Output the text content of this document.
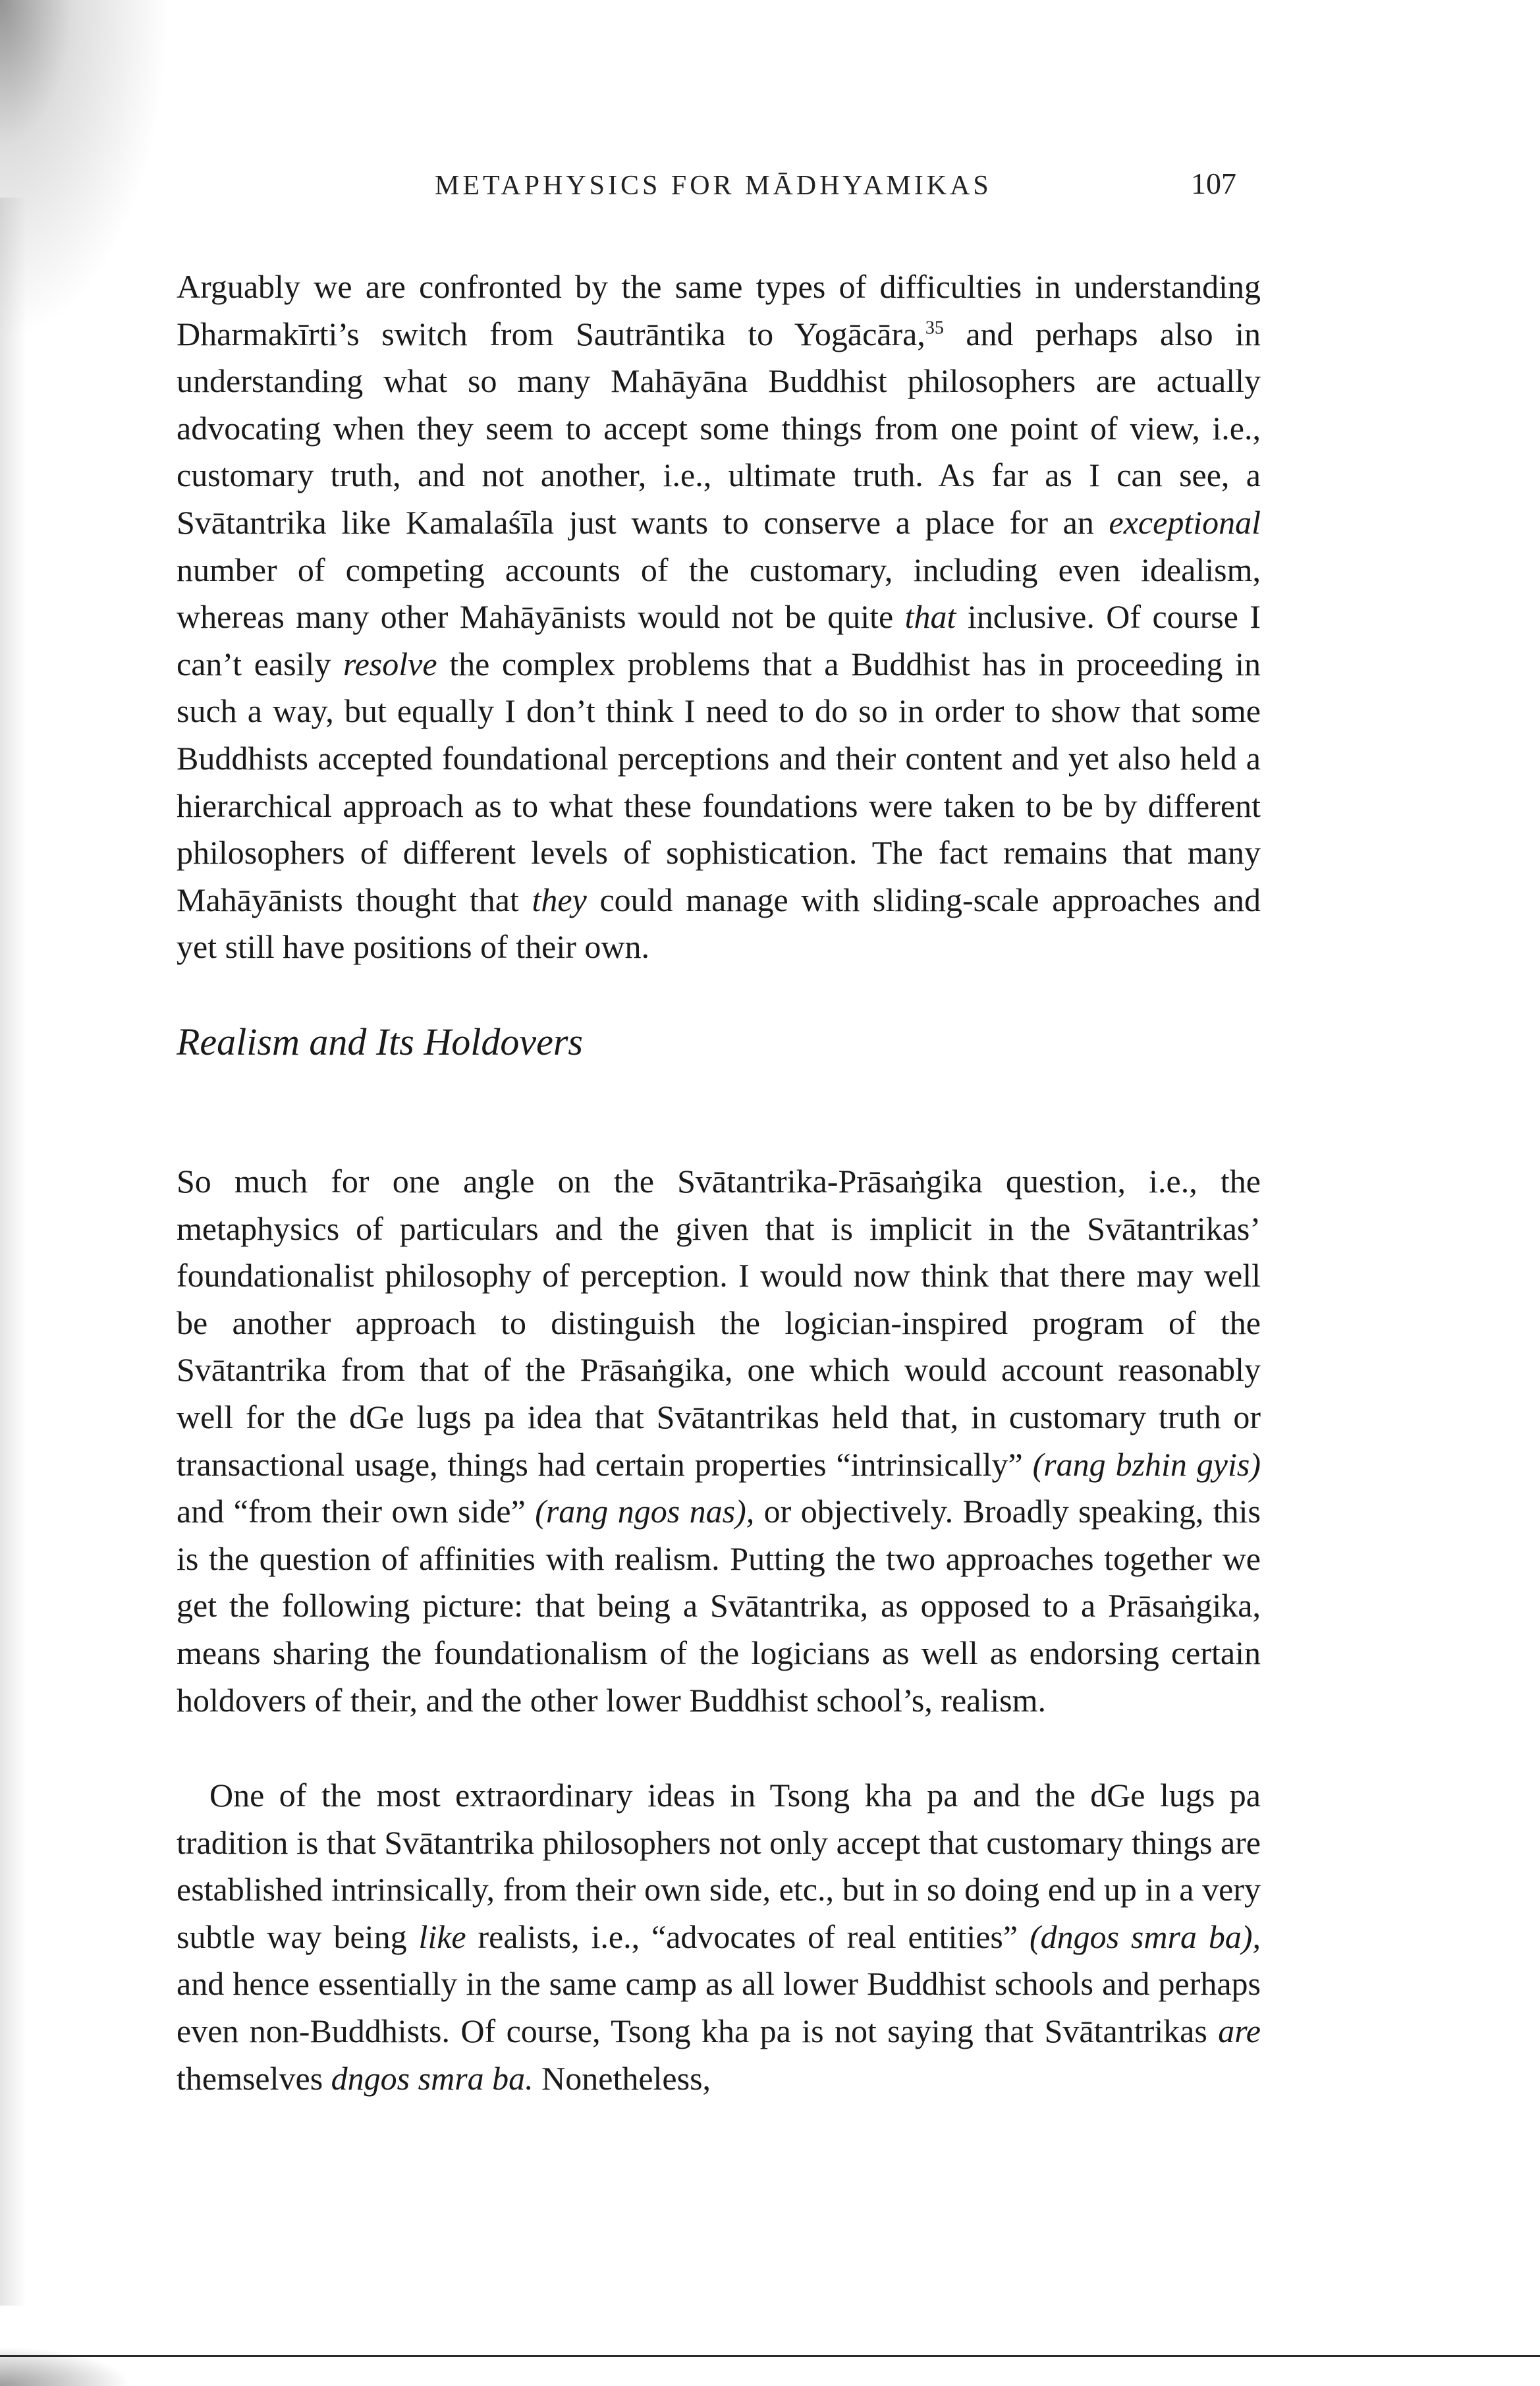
METAPHYSICS FOR MĀDHYAMIKAS	107

Arguably we are confronted by the same types of difficulties in understanding Dharmakīrti’s switch from Sautrāntika to Yogācāra,$^{35}$ and perhaps also in understanding what so many Mahāyāna Buddhist philosophers are actually advocating when they seem to accept some things from one point of view, i.e., customary truth, and not another, i.e., ultimate truth. As far as I can see, a Svātantrika like Kamalaśīla just wants to conserve a place for an exceptional number of competing accounts of the customary, including even idealism, whereas many other Mahāyānists would not be quite that inclusive. Of course I can’t easily resolve the complex problems that a Buddhist has in proceeding in such a way, but equally I don’t think I need to do so in order to show that some Buddhists accepted foundational perceptions and their content and yet also held a hierarchical approach as to what these foundations were taken to be by different philosophers of different levels of sophistication. The fact remains that many Mahāyānists thought that they could manage with sliding-scale approaches and yet still have positions of their own.

Realism and Its Holdovers

So much for one angle on the Svātantrika-Prāsaṅgika question, i.e., the metaphysics of particulars and the given that is implicit in the Svātantrikas’ foundationalist philosophy of perception. I would now think that there may well be another approach to distinguish the logician-inspired program of the Svātantrika from that of the Prāsaṅgika, one which would account reasonably well for the dGe lugs pa idea that Svātantrikas held that, in customary truth or transactional usage, things had certain properties “intrinsically” (rang bzhin gyis) and “from their own side” (rang ngos nas), or objectively. Broadly speaking, this is the question of affinities with realism. Putting the two approaches together we get the following picture: that being a Svātantrika, as opposed to a Prāsaṅgika, means sharing the foundationalism of the logicians as well as endorsing certain holdovers of their, and the other lower Buddhist school’s, realism.

One of the most extraordinary ideas in Tsong kha pa and the dGe lugs pa tradition is that Svātantrika philosophers not only accept that customary things are established intrinsically, from their own side, etc., but in so doing end up in a very subtle way being like realists, i.e., “advocates of real entities” (dngos smra ba), and hence essentially in the same camp as all lower Buddhist schools and perhaps even non-Buddhists. Of course, Tsong kha pa is not saying that Svātantrikas are themselves dngos smra ba. Nonetheless,
